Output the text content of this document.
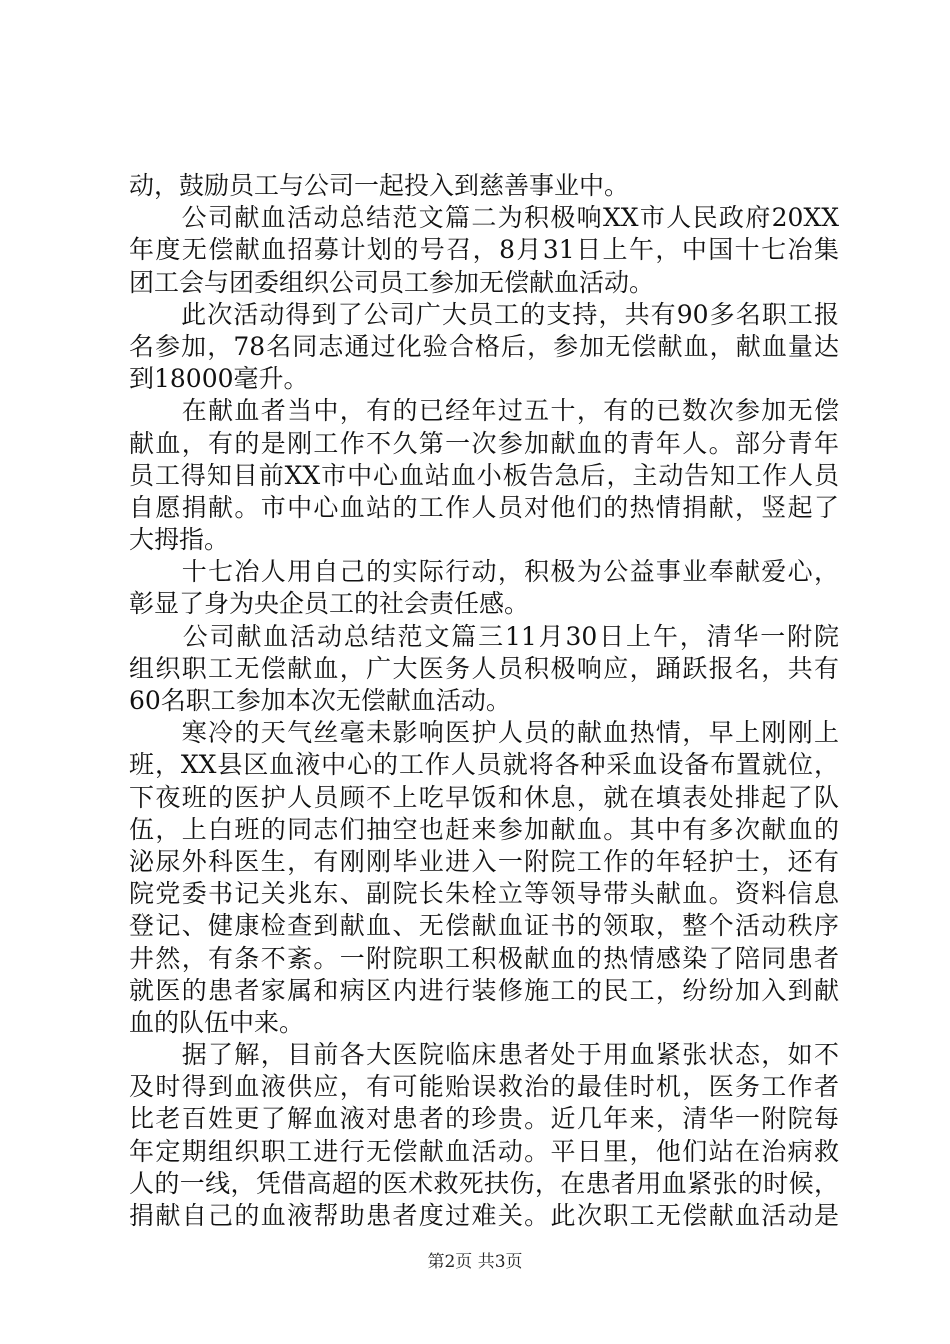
动，鼓励员工与公司一起投入到慈善事业中。
　　公司献血活动总结范文篇二为积极响XX市人民政府20XX
年度无偿献血招募计划的号召，8月31日上午，中国十七冶集
团工会与团委组织公司员工参加无偿献血活动。
　　此次活动得到了公司广大员工的支持，共有90多名职工报
名参加，78名同志通过化验合格后，参加无偿献血，献血量达
到18000毫升。
　　在献血者当中，有的已经年过五十，有的已数次参加无偿
献血，有的是刚工作不久第一次参加献血的青年人。部分青年
员工得知目前XX市中心血站血小板告急后，主动告知工作人员
自愿捐献。市中心血站的工作人员对他们的热情捐献，竖起了
大拇指。
　　十七冶人用自己的实际行动，积极为公益事业奉献爱心，
彰显了身为央企员工的社会责任感。
　　公司献血活动总结范文篇三11月30日上午，清华一附院
组织职工无偿献血，广大医务人员积极响应，踊跃报名，共有
60名职工参加本次无偿献血活动。
　　寒冷的天气丝毫未影响医护人员的献血热情，早上刚刚上
班，XX县区血液中心的工作人员就将各种采血设备布置就位，
下夜班的医护人员顾不上吃早饭和休息，就在填表处排起了队
伍，上白班的同志们抽空也赶来参加献血。其中有多次献血的
泌尿外科医生，有刚刚毕业进入一附院工作的年轻护士，还有
院党委书记关兆东、副院长朱栓立等领导带头献血。资料信息
登记、健康检查到献血、无偿献血证书的领取，整个活动秩序
井然，有条不紊。一附院职工积极献血的热情感染了陪同患者
就医的患者家属和病区内进行装修施工的民工，纷纷加入到献
血的队伍中来。
　　据了解，目前各大医院临床患者处于用血紧张状态，如不
及时得到血液供应，有可能贻误救治的最佳时机，医务工作者
比老百姓更了解血液对患者的珍贵。近几年来，清华一附院每
年定期组织职工进行无偿献血活动。平日里，他们站在治病救
人的一线，凭借高超的医术救死扶伤，在患者用血紧张的时候，
捐献自己的血液帮助患者度过难关。此次职工无偿献血活动是
第2页 共3页
